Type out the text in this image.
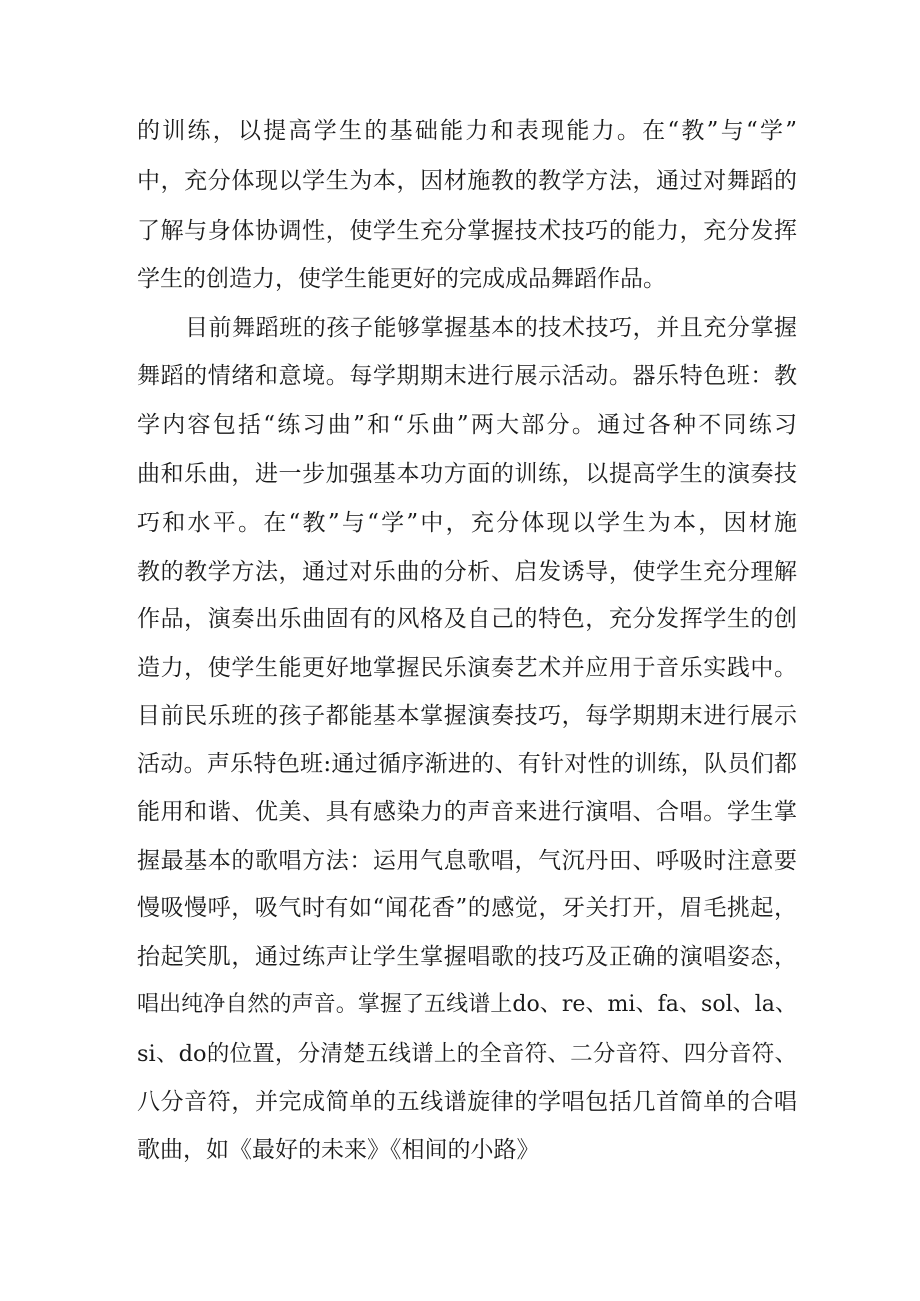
的训练，以提高学生的基础能力和表现能力。在“教”与“学”
中，充分体现以学生为本，因材施教的教学方法，通过对舞蹈的
了解与身体协调性，使学生充分掌握技术技巧的能力，充分发挥
学生的创造力，使学生能更好的完成成品舞蹈作品。
目前舞蹈班的孩子能够掌握基本的技术技巧，并且充分掌握
舞蹈的情绪和意境。每学期期末进行展示活动。器乐特色班：教
学内容包括“练习曲”和“乐曲”两大部分。通过各种不同练习
曲和乐曲，进一步加强基本功方面的训练，以提高学生的演奏技
巧和水平。在“教”与“学”中，充分体现以学生为本，因材施
教的教学方法，通过对乐曲的分析、启发诱导，使学生充分理解
作品，演奏出乐曲固有的风格及自己的特色，充分发挥学生的创
造力，使学生能更好地掌握民乐演奏艺术并应用于音乐实践中。
目前民乐班的孩子都能基本掌握演奏技巧，每学期期末进行展示
活动。声乐特色班:通过循序渐进的、有针对性的训练，队员们都
能用和谐、优美、具有感染力的声音来进行演唱、合唱。学生掌
握最基本的歌唱方法：运用气息歌唱，气沉丹田、呼吸时注意要
慢吸慢呼，吸气时有如“闻花香”的感觉，牙关打开，眉毛挑起，
抬起笑肌，通过练声让学生掌握唱歌的技巧及正确的演唱姿态，
唱出纯净自然的声音。掌握了五线谱上do、re、mi、fa、sol、la、
si、do的位置，分清楚五线谱上的全音符、二分音符、四分音符、
八分音符，并完成简单的五线谱旋律的学唱包括几首简单的合唱
歌曲，如《最好的未来》《相间的小路》
